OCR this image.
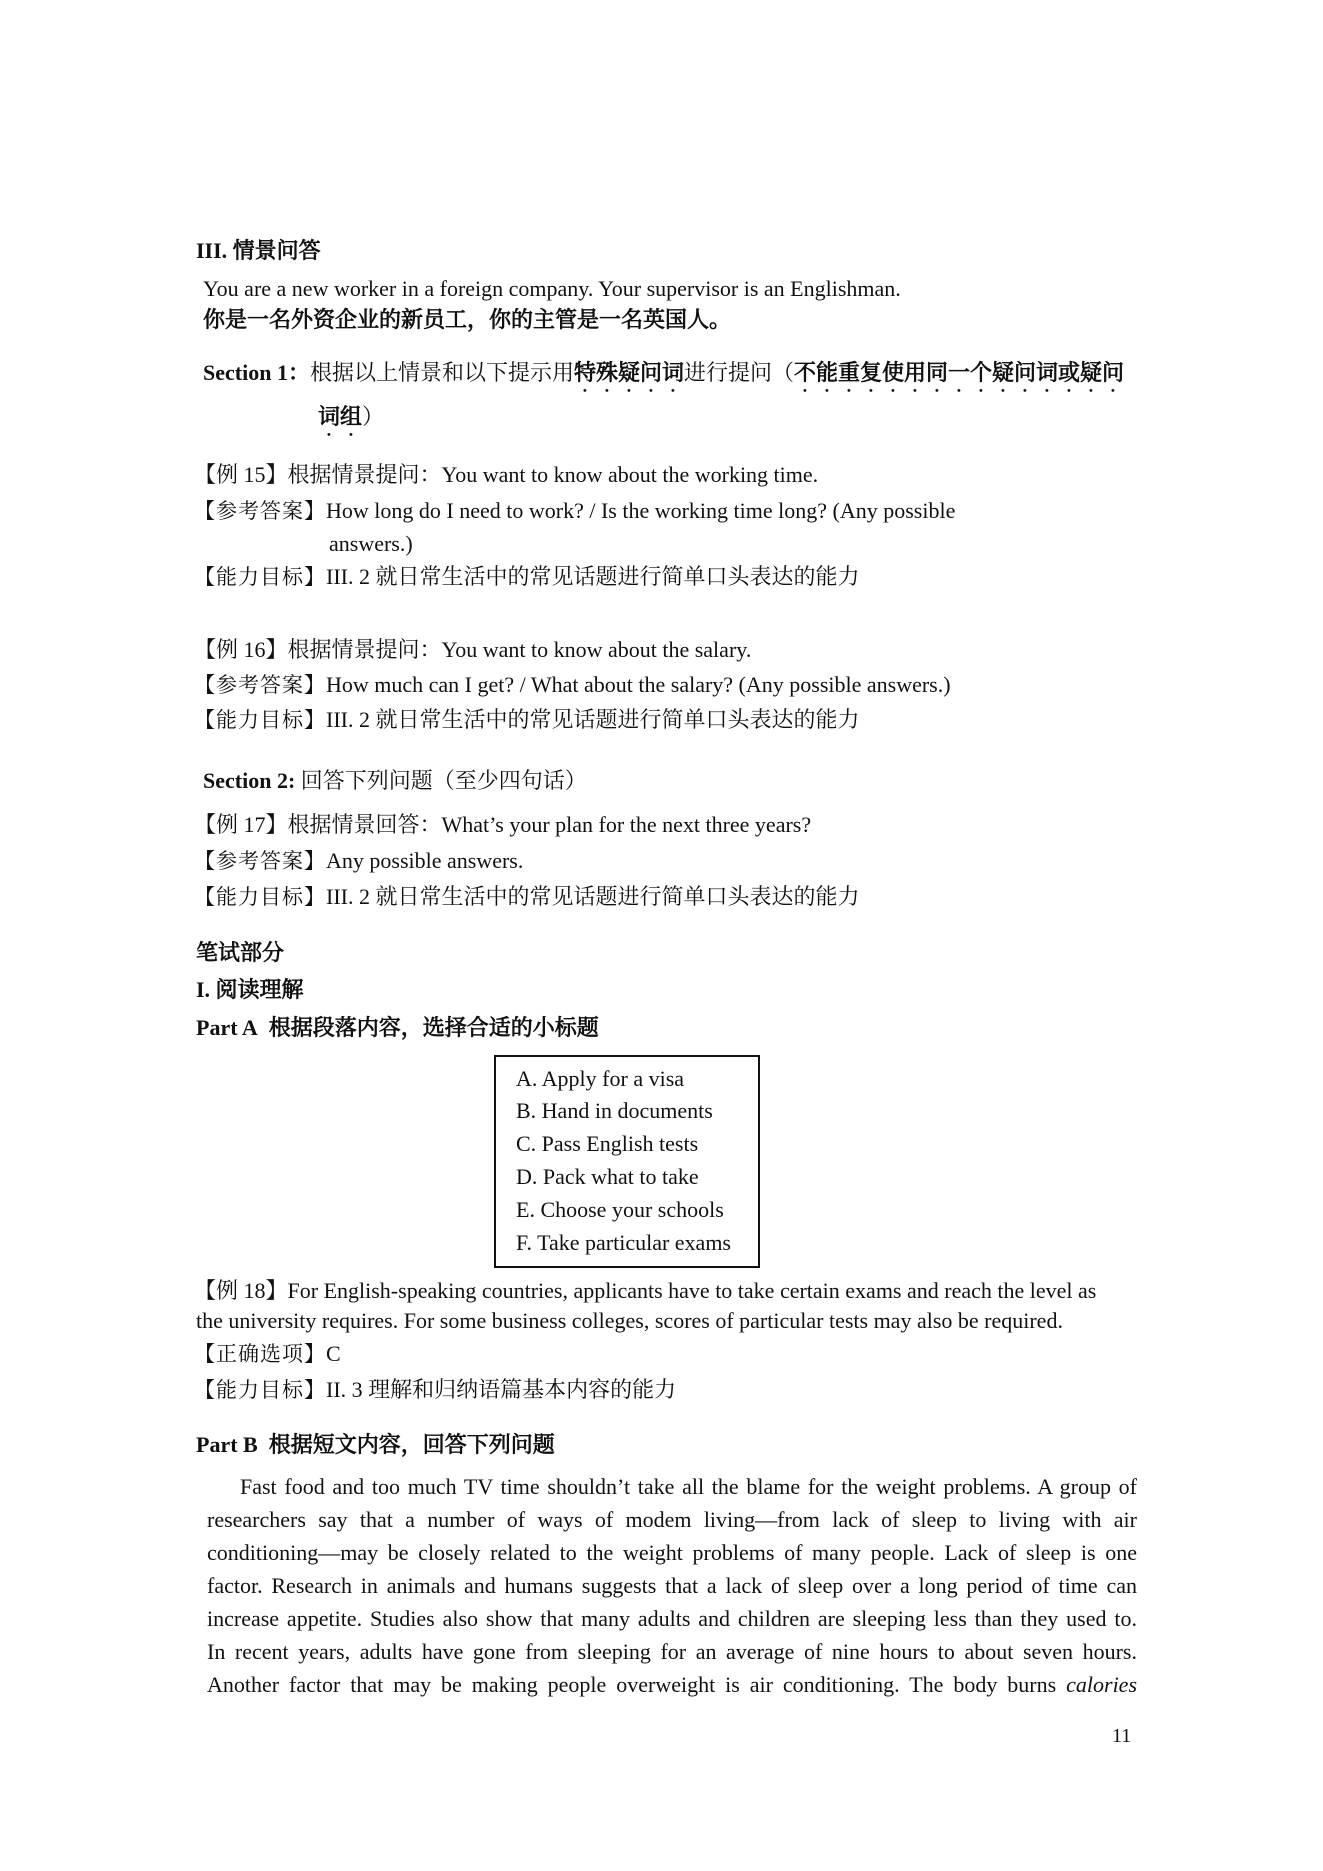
III. 情景问答
You are a new worker in a foreign company. Your supervisor is an Englishman.
你是一名外资企业的新员工，你的主管是一名英国人。
Section 1：根据以上情景和以下提示用特殊疑问词进行提问（不能重复使用同一个疑问词或疑问
词组）
【例 15】根据情景提问：You want to know about the working time.
【参考答案】How long do I need to work? / Is the working time long? (Any possible
answers.)
【能力目标】III. 2 就日常生活中的常见话题进行简单口头表达的能力
【例 16】根据情景提问：You want to know about the salary.
【参考答案】How much can I get? / What about the salary? (Any possible answers.)
【能力目标】III. 2 就日常生活中的常见话题进行简单口头表达的能力
Section 2: 回答下列问题（至少四句话）
【例 17】根据情景回答：What’s your plan for the next three years?
【参考答案】Any possible answers.
【能力目标】III. 2 就日常生活中的常见话题进行简单口头表达的能力
笔试部分
I. 阅读理解
Part A 根据段落内容，选择合适的小标题
A. Apply for a visa
B. Hand in documents
C. Pass English tests
D. Pack what to take
E. Choose your schools
F. Take particular exams
【例 18】For English-speaking countries, applicants have to take certain exams and reach the level as
the university requires. For some business colleges, scores of particular tests may also be required.
【正确选项】C
【能力目标】II. 3 理解和归纳语篇基本内容的能力
Part B 根据短文内容，回答下列问题
Fast food and too much TV time shouldn’t take all the blame for the weight problems. A group of
researchers say that a number of ways of modem living—from lack of sleep to living with air
conditioning—may be closely related to the weight problems of many people. Lack of sleep is one
factor. Research in animals and humans suggests that a lack of sleep over a long period of time can
increase appetite. Studies also show that many adults and children are sleeping less than they used to.
In recent years, adults have gone from sleeping for an average of nine hours to about seven hours.
Another factor that may be making people overweight is air conditioning. The body burns calories
11
